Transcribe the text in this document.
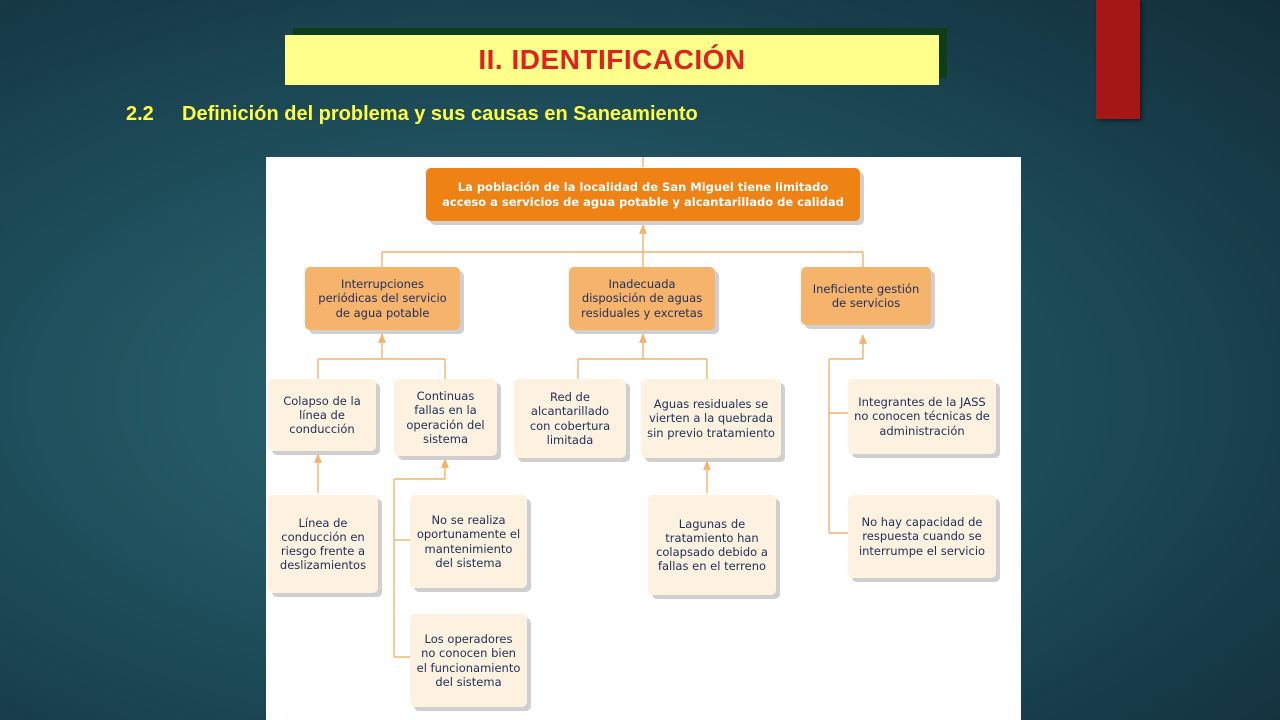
II. IDENTIFICACIÓN
2.2 Definición del problema y sus causas en Saneamiento
La población de la localidad de San Miguel tiene limitado acceso a servicios de agua potable y alcantarillado de calidad
Interrupciones periódicas del servicio de agua potable
Inadecuada disposición de aguas residuales y excretas
Ineficiente gestión de servicios
Colapso de la línea de conducción
Continuas fallas en la operación del sistema
Red de alcantarillado con cobertura limitada
Aguas residuales se vierten a la quebrada sin previo tratamiento
Integrantes de la JASS no conocen técnicas de administración
No hay capacidad de respuesta cuando se interrumpe el servicio
Línea de conducción en riesgo frente a deslizamientos
No se realiza oportunamente el mantenimiento del sistema
Los operadores no conocen bien el funcionamiento del sistema
Lagunas de tratamiento han colapsado debido a fallas en el terreno
